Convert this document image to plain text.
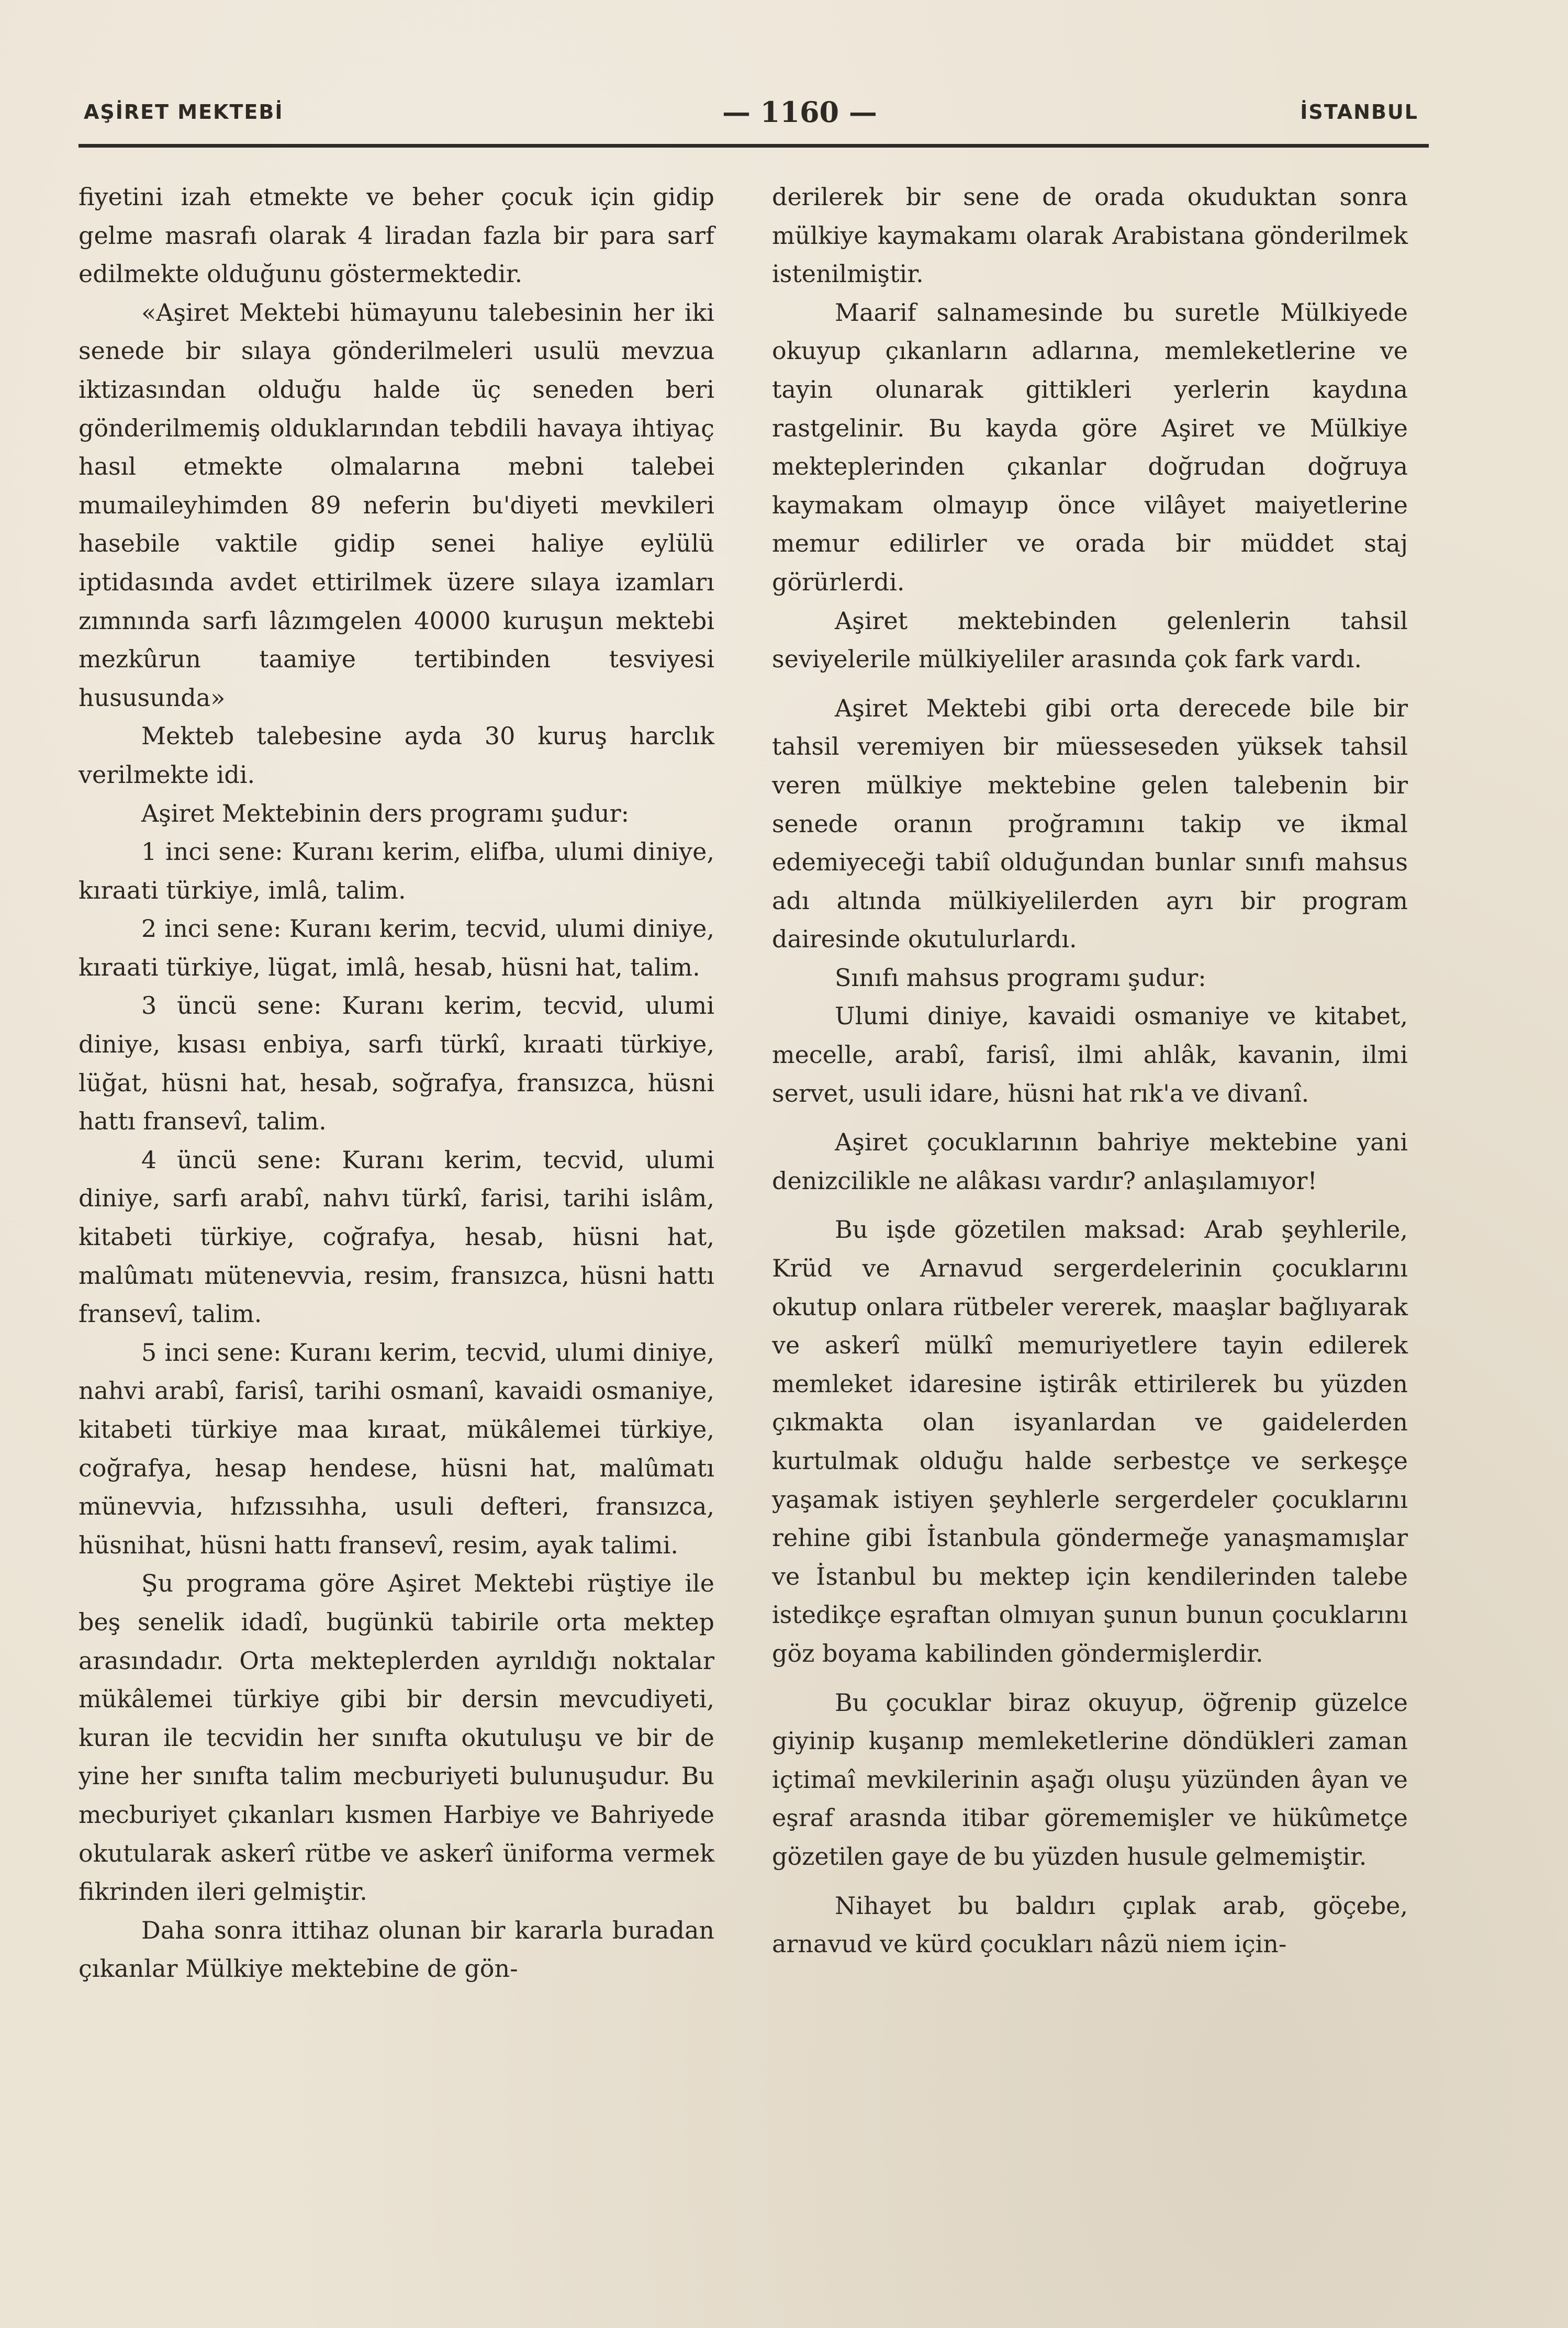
AŞİRET MEKTEBİ	— 1160 —	İSTANBUL

fiyetini izah etmekte ve beher çocuk için gidip gelme masrafı olarak 4 liradan fazla bir para sarf edilmekte olduğunu göstermektedir.

«Aşiret Mektebi hümayunu talebesinin her iki senede bir sılaya gönderilmeleri usulü mevzua iktizasından olduğu halde üç seneden beri gönderilmemiş olduklarından tebdili havaya ihtiyaç hasıl etmekte olmalarına mebni talebei mumaileyhimden 89 neferin bu'diyeti mevkileri hasebile vaktile gidip senei haliye eylülü iptidasında avdet ettirilmek üzere sılaya izamları zımnında sarfı lâzımgelen 40000 kuruşun mektebi mezkûrun taamiye tertibinden tesviyesi hususunda»

Mekteb talebesine ayda 30 kuruş harclık verilmekte idi.

Aşiret Mektebinin ders programı şudur:

1 inci sene: Kuranı kerim, elifba, ulumi diniye, kıraati türkiye, imlâ, talim.

2 inci sene: Kuranı kerim, tecvid, ulumi diniye, kıraati türkiye, lügat, imlâ, hesab, hüsni hat, talim.

3 üncü sene: Kuranı kerim, tecvid, ulumi diniye, kısası enbiya, sarfı türkî, kıraati türkiye, lüğat, hüsni hat, hesab, soğrafya, fransızca, hüsni hattı fransevî, talim.

4 üncü sene: Kuranı kerim, tecvid, ulumi diniye, sarfı arabî, nahvı türkî, farisi, tarihi islâm, kitabeti türkiye, coğrafya, hesab, hüsni hat, malûmatı mütenevvia, resim, fransızca, hüsni hattı fransevî, talim.

5 inci sene: Kuranı kerim, tecvid, ulumi diniye, nahvi arabî, farisî, tarihi osmanî, kavaidi osmaniye, kitabeti türkiye maa kıraat, mükâlemei türkiye, coğrafya, hesap hendese, hüsni hat, malûmatı münevvia, hıfzıssıhha, usuli defteri, fransızca, hüsnihat, hüsni hattı fransevî, resim, ayak talimi.

Şu programa göre Aşiret Mektebi rüştiye ile beş senelik idadî, bugünkü tabirile orta mektep arasındadır. Orta mekteplerden ayrıldığı noktalar mükâlemei türkiye gibi bir dersin mevcudiyeti, kuran ile tecvidin her sınıfta okutuluşu ve bir de yine her sınıfta talim mecburiyeti bulunuşudur. Bu mecburiyet çıkanları kısmen Harbiye ve Bahriyede okutularak askerî rütbe ve askerî üniforma vermek fikrinden ileri gelmiştir.

Daha sonra ittihaz olunan bir kararla buradan çıkanlar Mülkiye mektebine de gön-

derilerek bir sene de orada okuduktan sonra mülkiye kaymakamı olarak Arabistana gönderilmek istenilmiştir.

Maarif salnamesinde bu suretle Mülkiyede okuyup çıkanların adlarına, memleketlerine ve tayin olunarak gittikleri yerlerin kaydına rastgelinir. Bu kayda göre Aşiret ve Mülkiye mekteplerinden çıkanlar doğrudan doğruya kaymakam olmayıp önce vilâyet maiyetlerine memur edilirler ve orada bir müddet staj görürlerdi.

Aşiret mektebinden gelenlerin tahsil seviyelerile mülkiyeliler arasında çok fark vardı.

Aşiret Mektebi gibi orta derecede bile bir tahsil veremiyen bir müesseseden yüksek tahsil veren mülkiye mektebine gelen talebenin bir senede oranın proğramını takip ve ikmal edemiyeceği tabiî olduğundan bunlar sınıfı mahsus adı altında mülkiyelilerden ayrı bir program dairesinde okutulurlardı.

Sınıfı mahsus programı şudur:

Ulumi diniye, kavaidi osmaniye ve kitabet, mecelle, arabî, farisî, ilmi ahlâk, kavanin, ilmi servet, usuli idare, hüsni hat rık'a ve divanî.

Aşiret çocuklarının bahriye mektebine yani denizcilikle ne alâkası vardır? anlaşılamıyor!

Bu işde gözetilen maksad: Arab şeyhlerile, Krüd ve Arnavud sergerdelerinin çocuklarını okutup onlara rütbeler vererek, maaşlar bağlıyarak ve askerî mülkî memuriyetlere tayin edilerek memleket idaresine iştirâk ettirilerek bu yüzden çıkmakta olan isyanlardan ve gaidelerden kurtulmak olduğu halde serbestçe ve serkeşçe yaşamak istiyen şeyhlerle sergerdeler çocuklarını rehine gibi İstanbula göndermeğe yanaşmamışlar ve İstanbul bu mektep için kendilerinden talebe istedikçe eşraftan olmıyan şunun bunun çocuklarını göz boyama kabilinden göndermişlerdir.

Bu çocuklar biraz okuyup, öğrenip güzelce giyinip kuşanıp memleketlerine döndükleri zaman içtimaî mevkilerinin aşağı oluşu yüzünden âyan ve eşraf arasnda itibar görememişler ve hükûmetçe gözetilen gaye de bu yüzden husule gelmemiştir.

Nihayet bu baldırı çıplak arab, göçebe, arnavud ve kürd çocukları nâzü niem için-
